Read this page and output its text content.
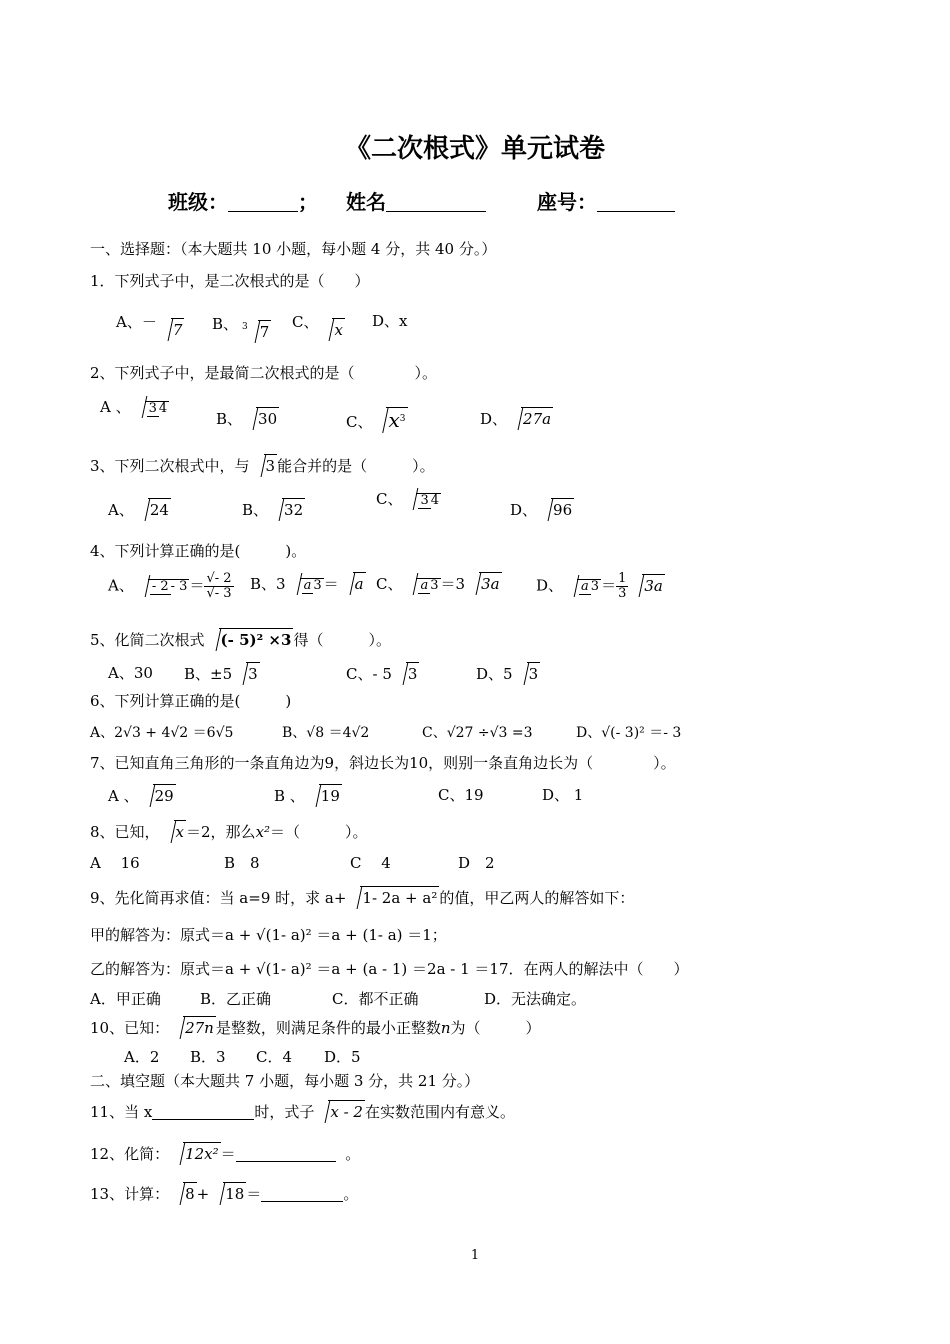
《二次根式》单元试卷
班级：	； 姓名	座号：
一、选择题：（本大题共 10 小题，每小题 4 分，共 40 分。）
1．下列式子中，是二次根式的是（　　）
A、－ 7 B、 $^3$ 7
C、 x D、x
2、下列式子中，是最简二次根式的是（　　　　）。
A 、 3 4
B、 30	C、 $x^3$	D、 27a
3、下列二次根式中，与 3 能合并的是（　　　）。
A、 24	B、 32
C、 3 4
D、 96
4、下列计算正确的是(　　　)。
A、 - $2 - 3 = \frac{√- 2}{√- 3}$ B、3 a 3 ＝ a C、 a 3 ＝3 3a D、 a $3 = \frac{1}{3} 3a$
5、化简二次根式 (- 5)² ×3 得（　　　）。
A、30 B、±5 3	C、- 5 3	D、5 3
6、下列计算正确的是(　　　)
A、2√3 + 4√2 ＝6√5	B、√8 ＝4√2	C、√27 ÷√3 =3	D、√(- 3)² ＝- 3
7、已知直角三角形的一条直角边为9，斜边长为10，则别一条直角边长为（　　　　）。
A 、 29	B 、 19	C、19	D、 1
8、已知， x ＝2，那么x²＝（　　　）。
A　 16	B　8	C　 4	D　2
9、先化简再求值：当 a=9 时，求 a+ 1- 2a + a² 的值，甲乙两人的解答如下：
甲的解答为：原式＝a + √(1- a)² ＝a + (1- a) ＝1；
乙的解答为：原式＝a + √(1- a)² ＝a + (a - 1) ＝2a - 1 ＝17．在两人的解法中（　　）
A．甲正确	B．乙正确	C．都不正确	D．无法确定。
10、已知： 27n 是整数，则满足条件的最小正整数n为（　　　）
A．2 B．3 C．4 D．5
二、填空题（本大题共 7 小题，每小题 3 分，共 21 分。）
11、当 x	时，式子 x - 2 在实数范围内有意义。
12、化简： 12x² ＝	。
13、计算： 8 + 18 ＝	。
1
